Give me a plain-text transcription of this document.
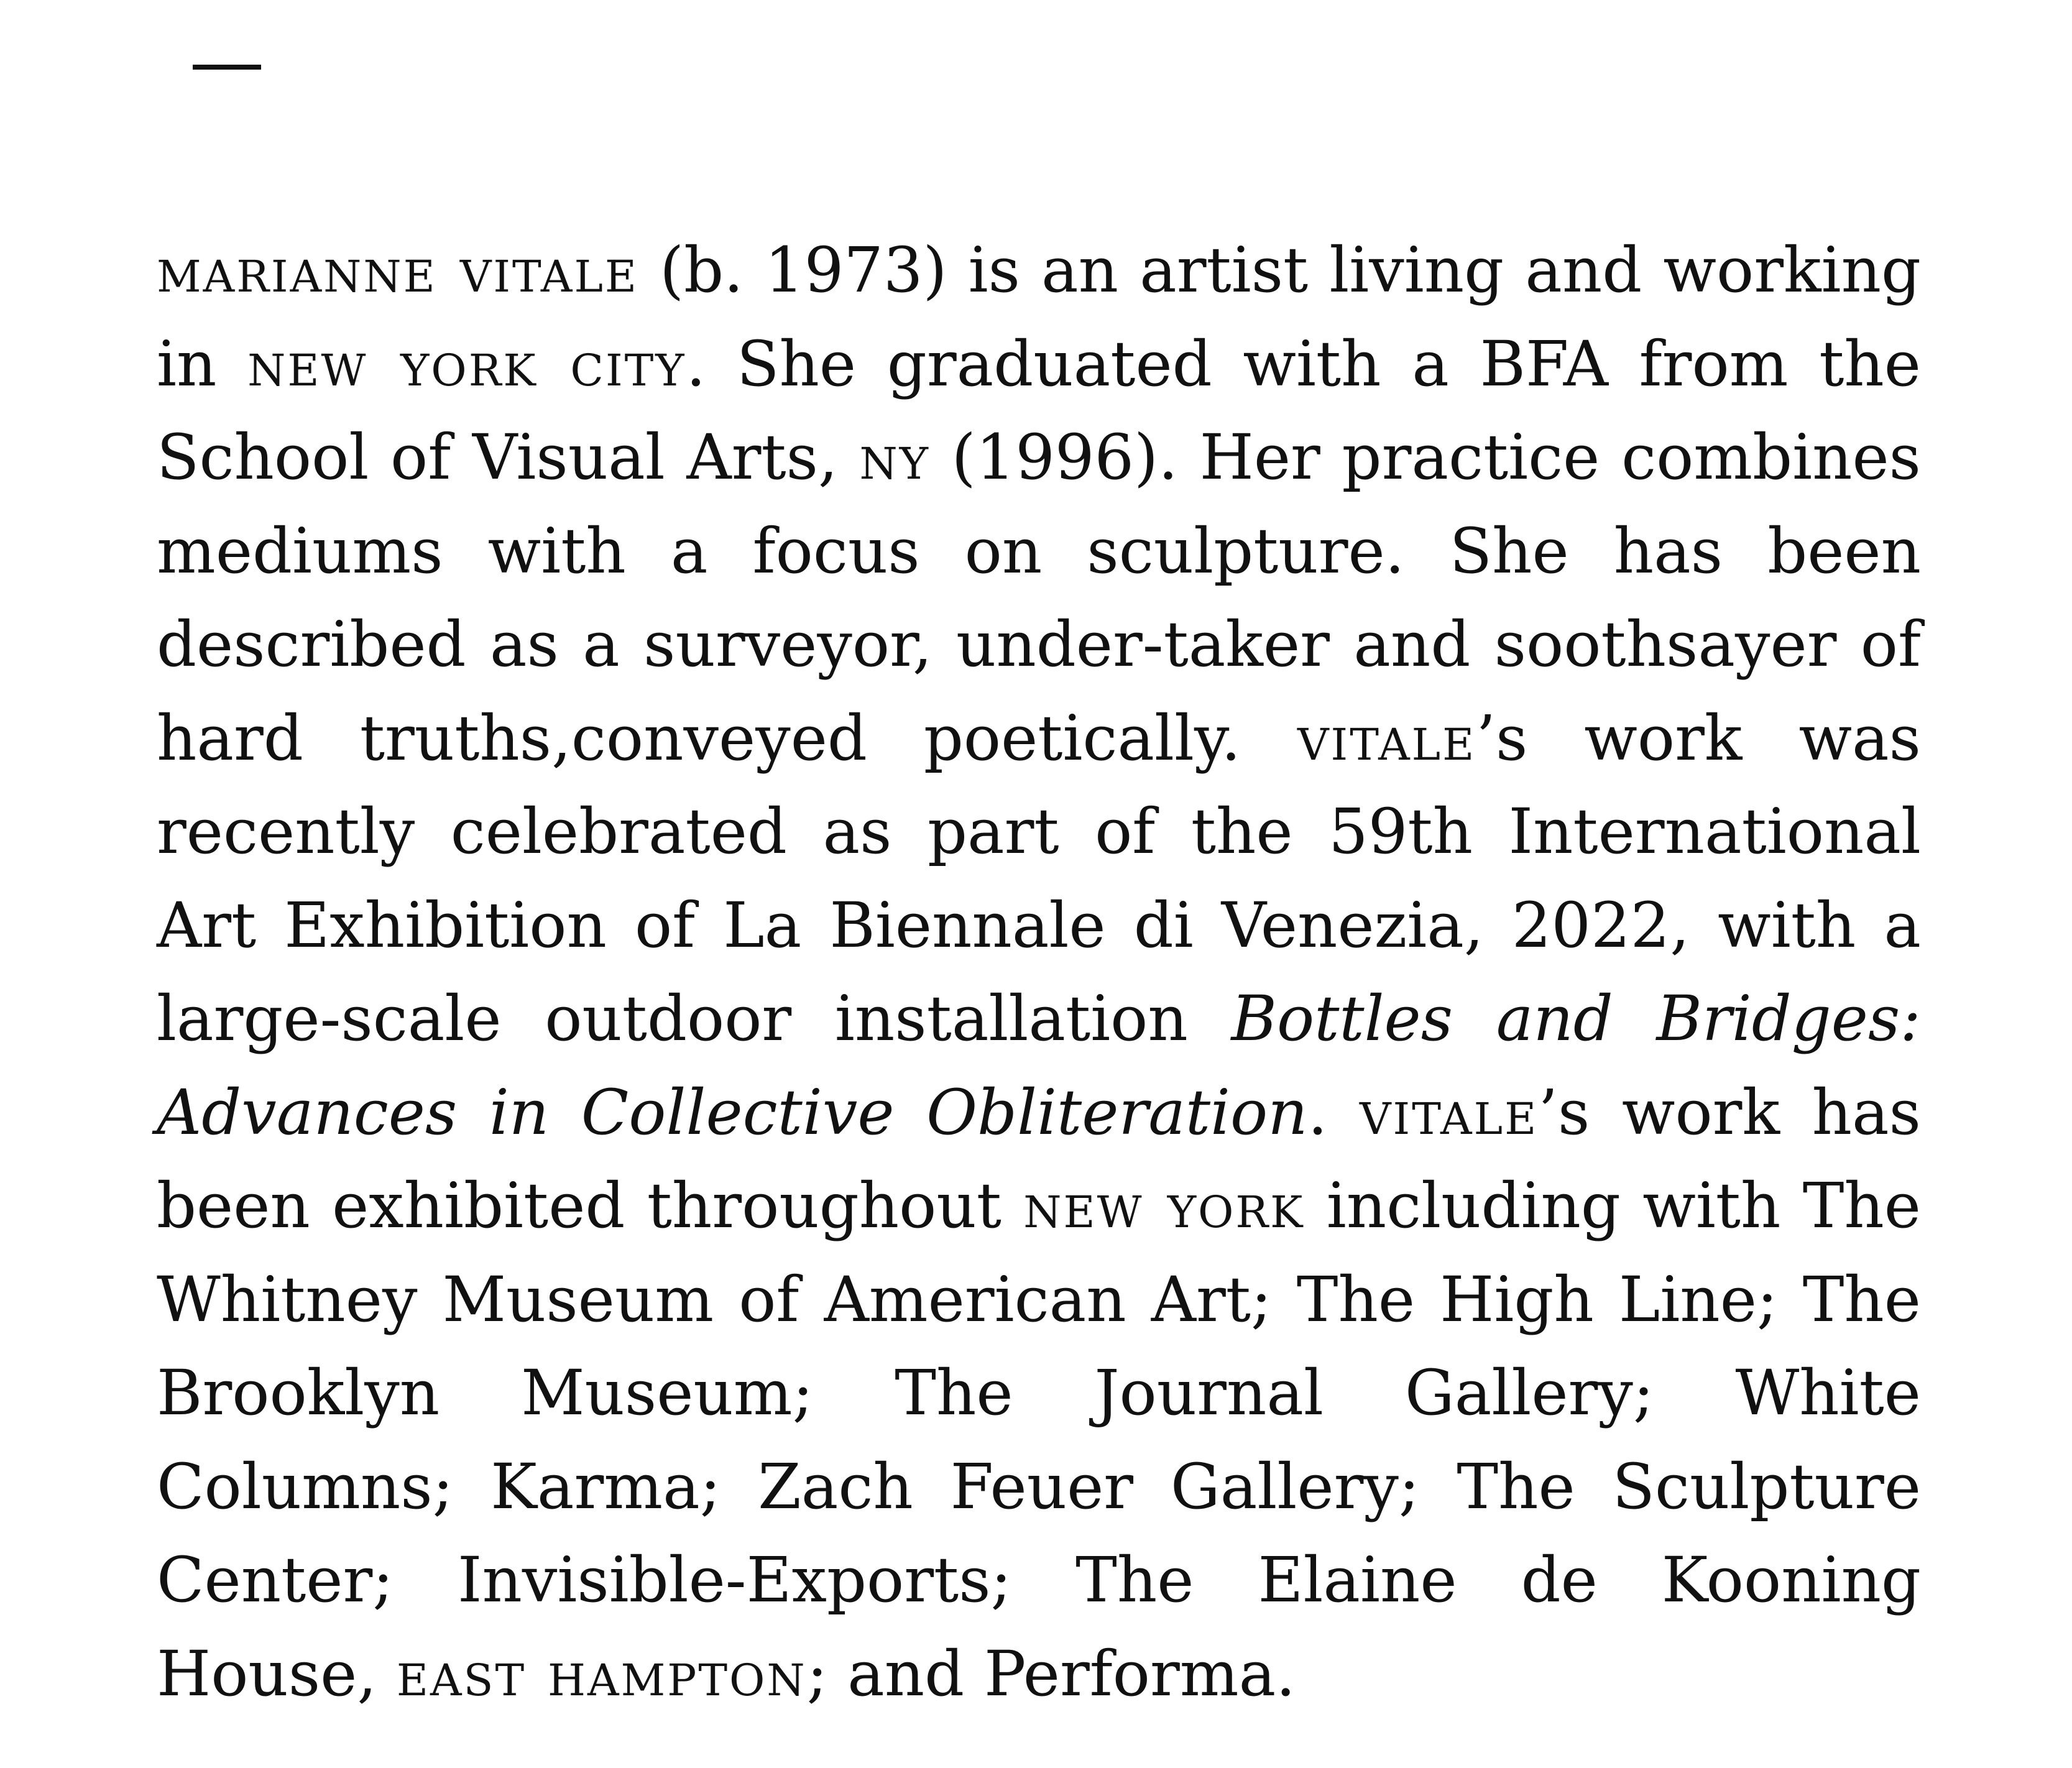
marianne vitale (b. 1973) is an artist living and working in new york city. She graduated with a BFA from the School of Visual Arts, ny (1996). Her practice combines mediums with a focus on sculpture. She has been described as a surveyor, under-taker and soothsayer of hard truths,conveyed poetically. vitale’s work was recently celebrated as part of the 59th International Art Exhibition of La Biennale di Venezia, 2022, with a large-scale outdoor installation Bottles and Bridges: Advances in Collective Obliteration. vitale’s work has been exhibited throughout new york including with The Whitney Museum of American Art; The High Line; The Brooklyn Museum; The Journal Gallery; White Columns; Karma; Zach Feuer Gallery; The Sculpture Center; Invisible-Exports; The Elaine de Kooning House, east hampton; and Performa.
